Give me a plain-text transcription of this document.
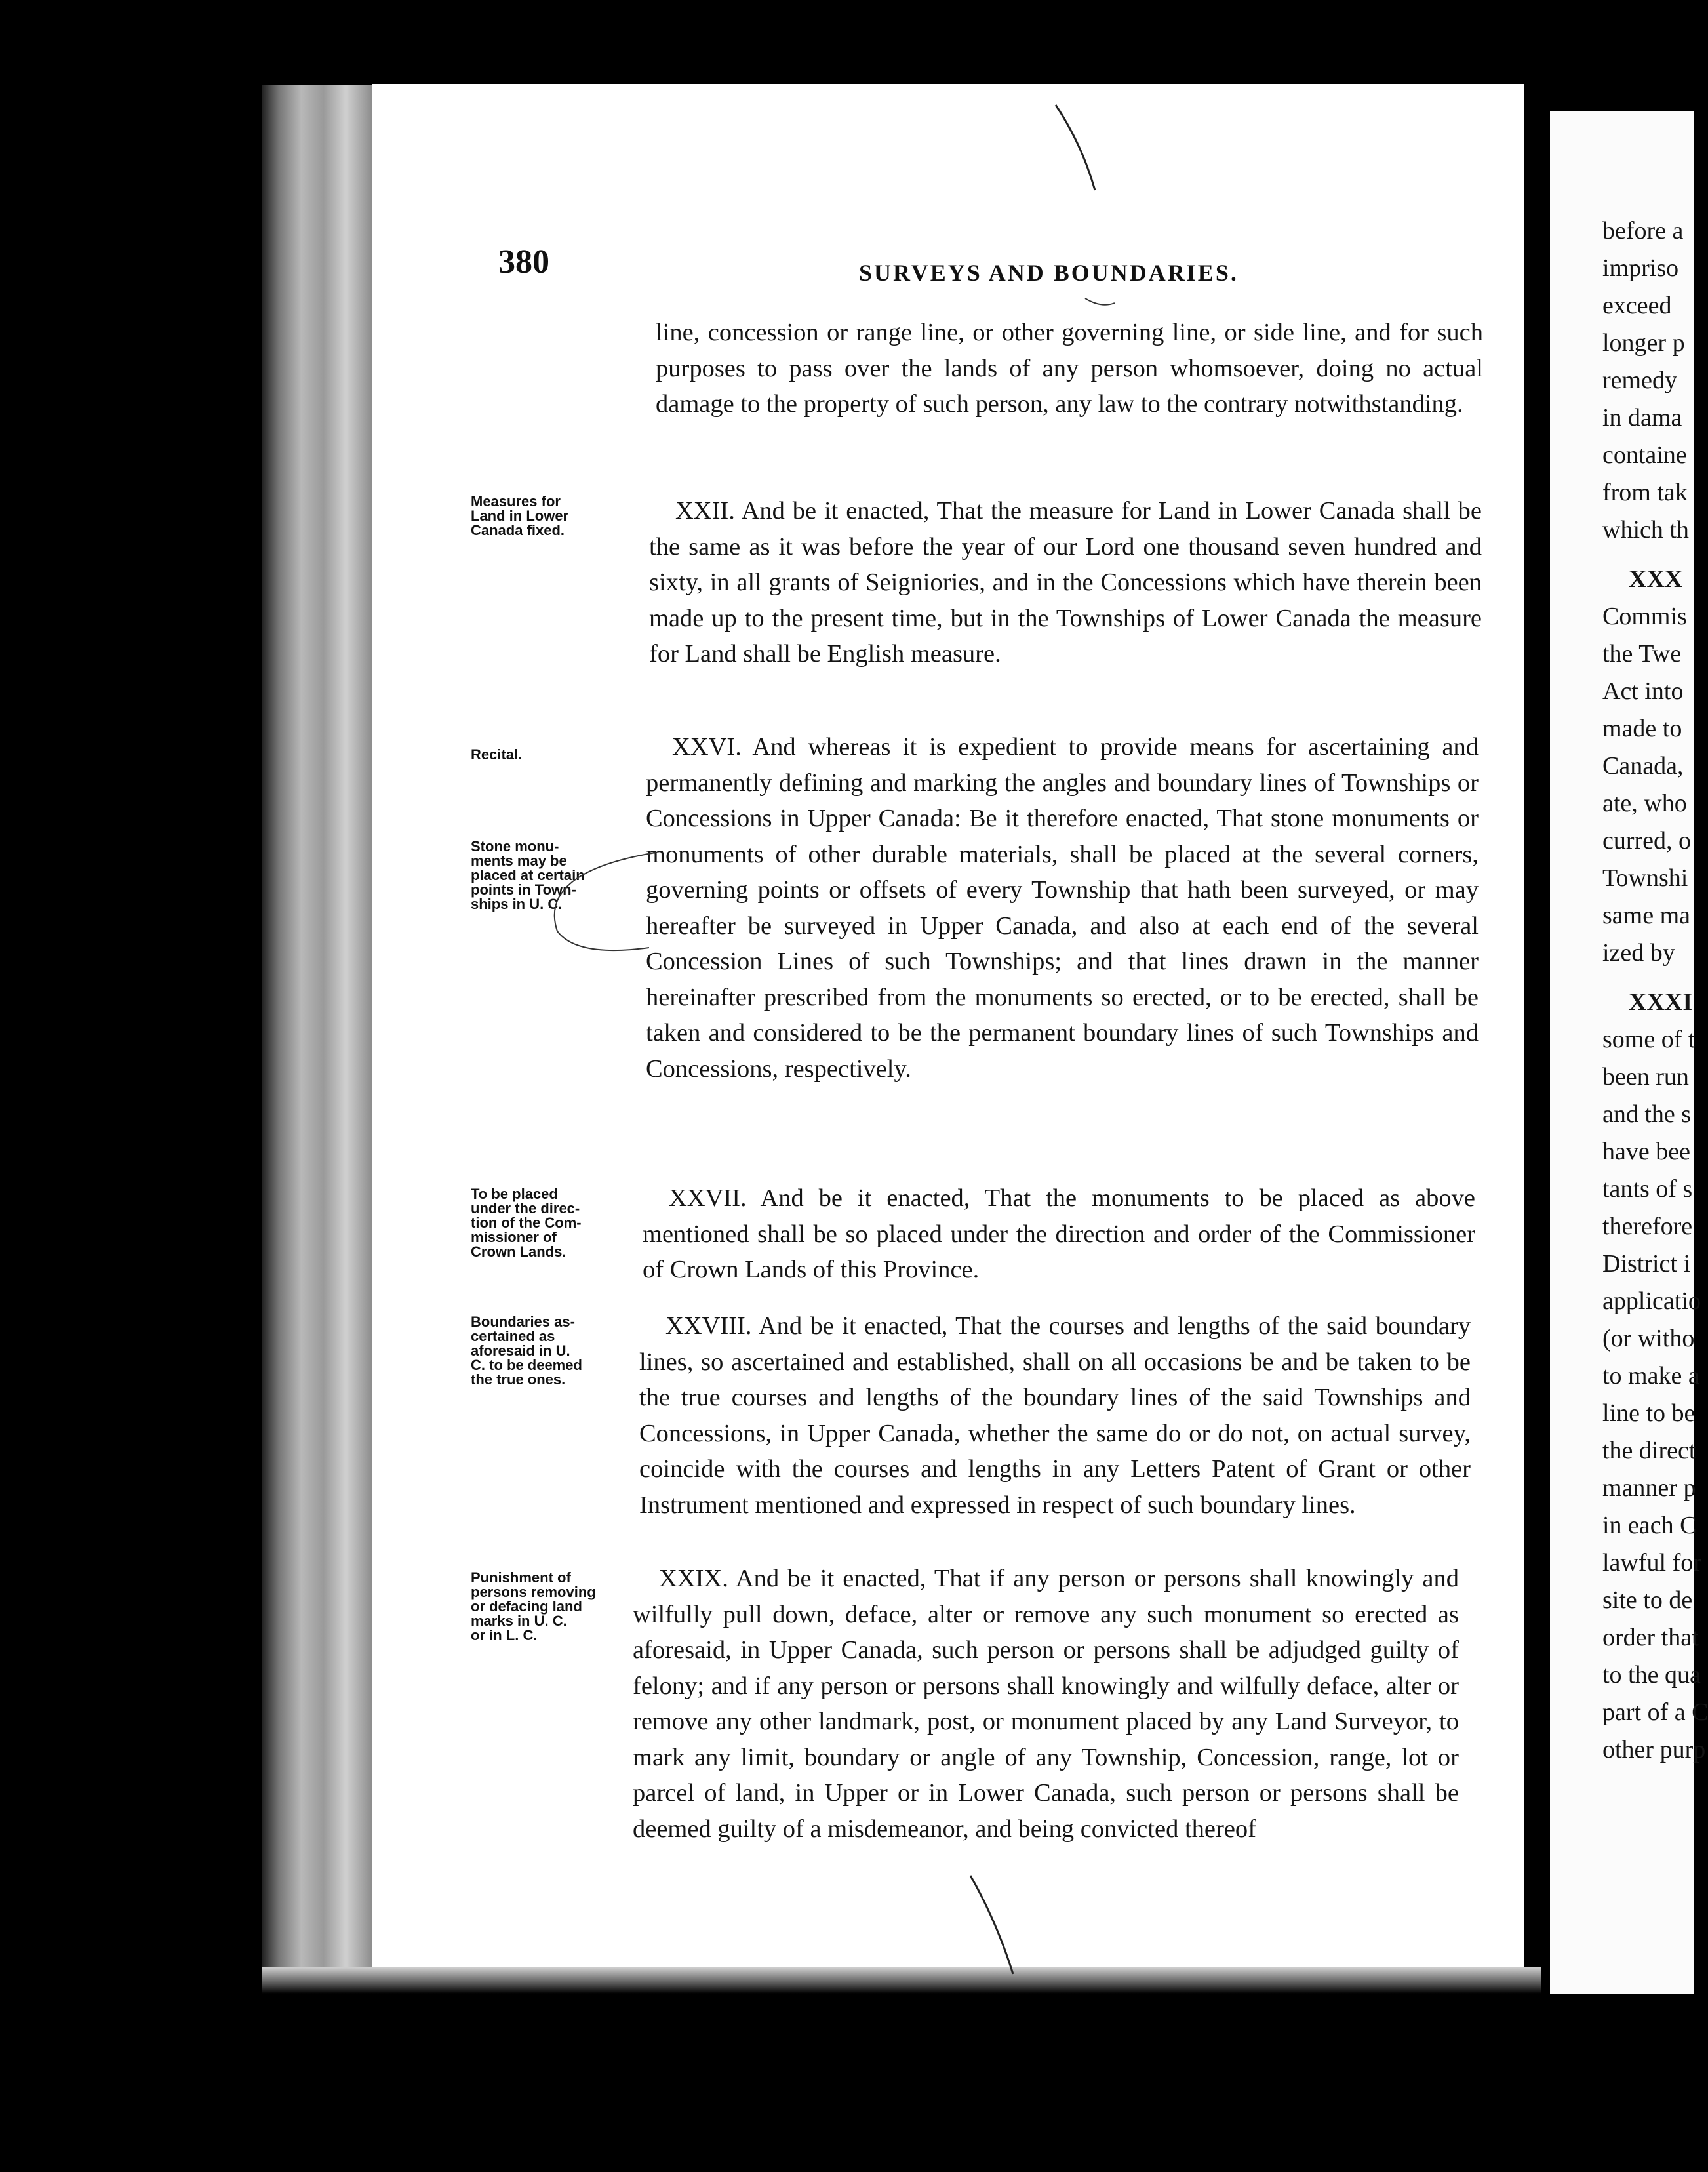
380	SURVEYS AND BOUNDARIES.

line, concession or range line, or other governing line, or side line, and for such purposes to pass over the lands of any person whomsoever, doing no actual damage to the property of such person, any law to the contrary notwithstanding.

XXII. And be it enacted, That the measure for Land in Lower Canada shall be the same as it was before the year of our Lord one thousand seven hundred and sixty, in all grants of Seigniories, and in the Concessions which have therein been made up to the present time, but in the Townships of Lower Canada the measure for Land shall be English measure.

XXVI. And whereas it is expedient to provide means for ascertaining and permanently defining and marking the angles and boundary lines of Townships or Concessions in Upper Canada: Be it therefore enacted, That stone monuments or monuments of other durable materials, shall be placed at the several corners, governing points or offsets of every Township that hath been surveyed, or may hereafter be surveyed in Upper Canada, and also at each end of the several Concession Lines of such Townships; and that lines drawn in the manner hereinafter prescribed from the monuments so erected, or to be erected, shall be taken and considered to be the permanent boundary lines of such Townships and Concessions, respectively.

XXVII. And be it enacted, That the monuments to be placed as above mentioned shall be so placed under the direction and order of the Commissioner of Crown Lands of this Province.

XXVIII. And be it enacted, That the courses and lengths of the said boundary lines, so ascertained and established, shall on all occasions be and be taken to be the true courses and lengths of the boundary lines of the said Townships and Concessions, in Upper Canada, whether the same do or do not, on actual survey, coincide with the courses and lengths in any Letters Patent of Grant or other Instrument mentioned and expressed in respect of such boundary lines.

XXIX. And be it enacted, That if any person or persons shall knowingly and wilfully pull down, deface, alter or remove any such monument so erected as aforesaid, in Upper Canada, such person or persons shall be adjudged guilty of felony; and if any person or persons shall knowingly and wilfully deface, alter or remove any other landmark, post, or monument placed by any Land Surveyor, to mark any limit, boundary or angle of any Township, Concession, range, lot or parcel of land, in Upper or in Lower Canada, such person or persons shall be deemed guilty of a misdemeanor, and being convicted thereof

Measures for
Land in Lower
Canada fixed.
Recital.
Stone monu-
ments may be
placed at certain
points in Town-
ships in U. C.
To be placed
under the direc-
tion of the Com-
missioner of
Crown Lands.
Boundaries as-
certained as
aforesaid in U.
C. to be deemed
the true ones.
Punishment of
persons removing
or defacing land
marks in U. C.
or in L. C.
before a
impriso
exceed
longer p
remedy
in dama
containe
from tak
which th
XXX
Commis
the Twe
Act into
made to
Canada,
ate, who
curred, o
Townshi
same ma
ized by
XXXI
some of t
been run
and the s
have bee
tants of s
therefore
District i
applicatio
(or witho
to make a
line to be
the direct
manner p
in each C
lawful for
site to de
order that
to the qua
part of a C
other purp
